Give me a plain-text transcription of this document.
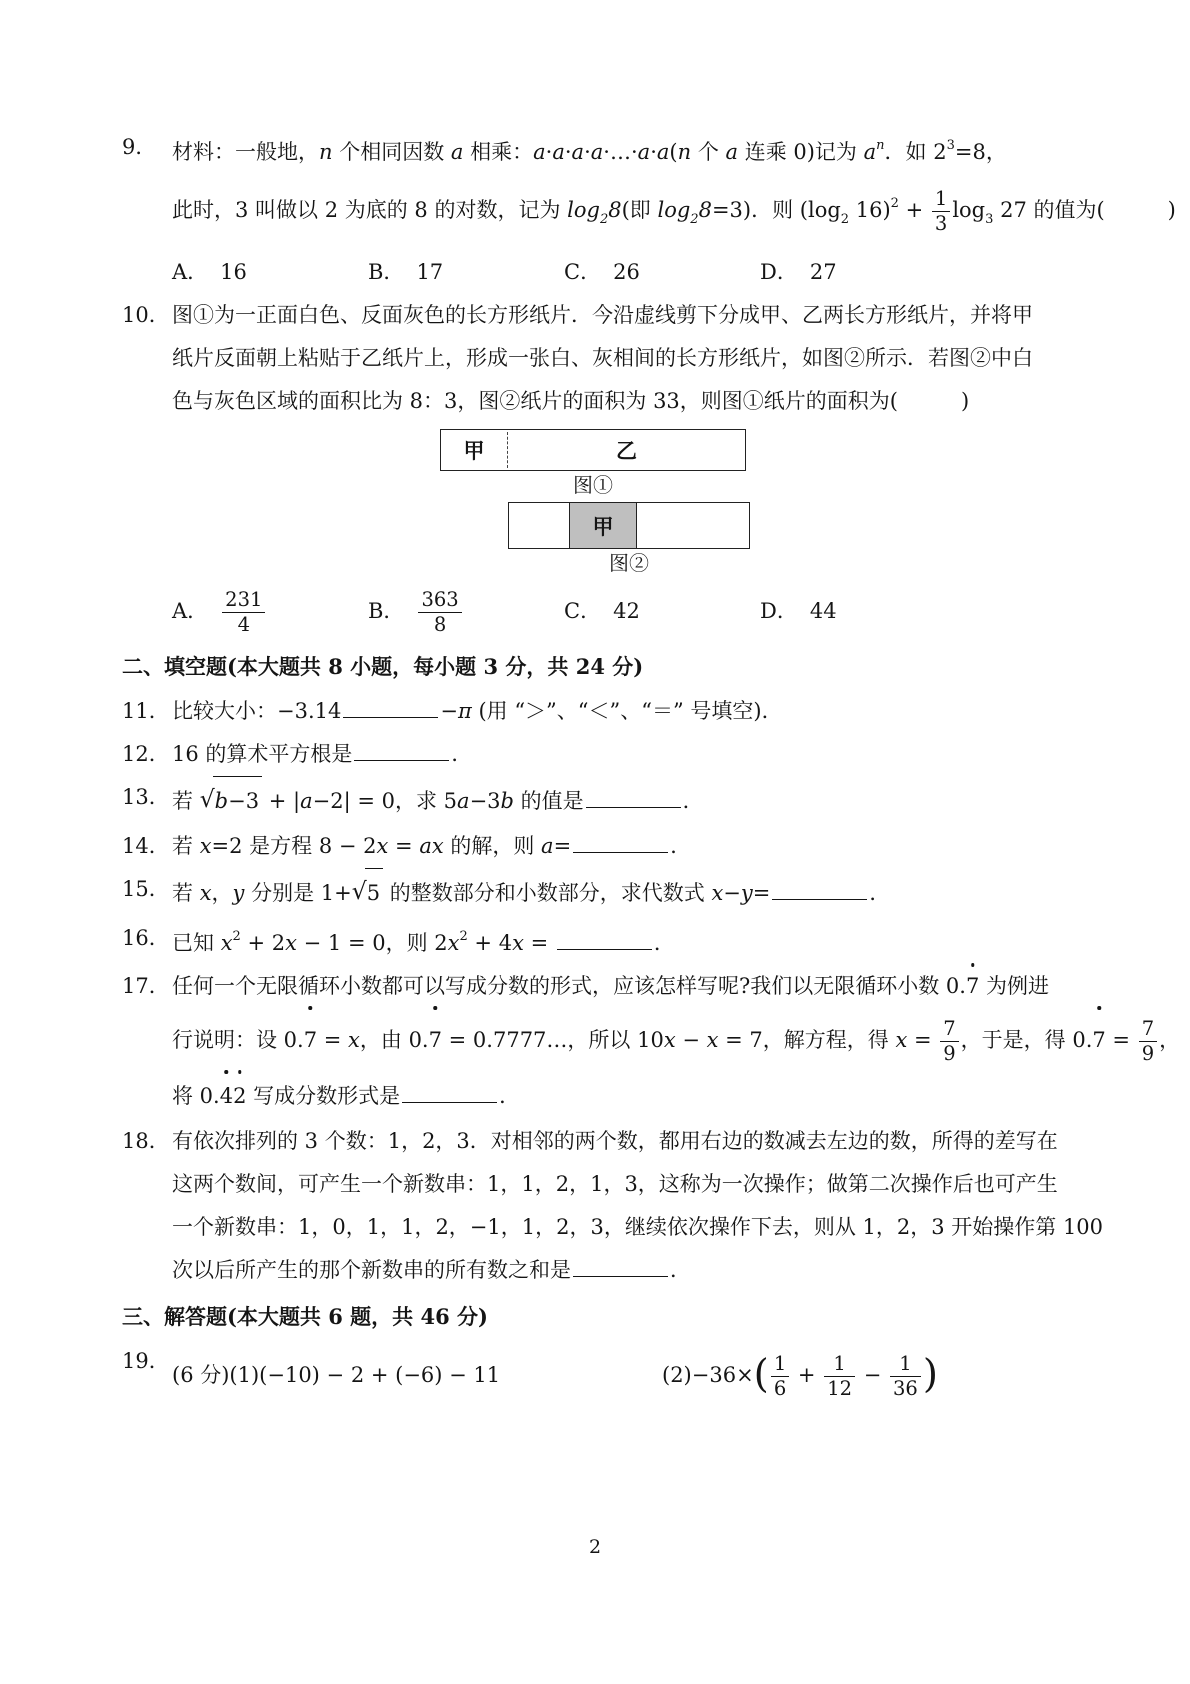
9． 材料：一般地，n 个相同因数 a 相乘：a·a·a·a·…·a·a(n 个 a 连乘 0)记为 $a^n$．如 $2^3=8$，
此时，3 叫做以 2 为底的 8 的对数，记为 $\log_28$(即 $\log_28=3$)．则 ($\log_2$ $16)^2 + \frac{1}{3} \log_3 27$ 的值为(　　　)
A． 16	B． 17	C． 26	D． 27
10． 图①为一正面白色、反面灰色的长方形纸片．今沿虚线剪下分成甲、乙两长方形纸片，并将甲
纸片反面朝上粘贴于乙纸片上，形成一张白、灰相间的长方形纸片，如图②所示．若图②中白
色与灰色区域的面积比为 8：3，图②纸片的面积为 33，则图①纸片的面积为(　　　)
甲	乙
图①
甲
图②
A． $\frac{231}{4}$	B． $\frac{363}{8}$	C． 42	D． 44
二、填空题(本大题共 8 小题，每小题 3 分，共 24 分)
11． 比较大小：−3.14	−π (用 “＞”、“＜”、“＝” 号填空)．
12． 16 的算术平方根是	．
13． 若 √b−3 + |a−2| = 0，求 5a−3b 的值是	．
14． 若 x=2 是方程 8 − 2x = ax 的解，则 a=	．
15． 若 x，y 分别是 1+√5 的整数部分和小数部分，求代数式 x−y=	．
16． 已知 $x^2 + 2x - 1 = 0$，则 $2x^2 + 4x$ =	．
17． 任何一个无限循环小数都可以写成分数的形式，应该怎样写呢?我们以无限循环小数 0.7 为例进
行说明：设 0.7 = x，由 0.7 = 0.7777…，所以 10x − x = 7，解方程，得 $x = \frac{7}{9}$ ，于是，得 $0.7 = \frac{7}{9}$ ，
将 0.42 写成分数形式是	．
18． 有依次排列的 3 个数：1，2，3．对相邻的两个数，都用右边的数减去左边的数，所得的差写在
这两个数间，可产生一个新数串：1，1，2，1，3，这称为一次操作；做第二次操作后也可产生
一个新数串：1，0，1，1，2，−1，1，2，3，继续依次操作下去，则从 1，2，3 开始操作第 100
次以后所产生的那个新数串的所有数之和是	．
三、解答题(本大题共 6 题，共 46 分)
19．
(6 分)(1)(−10) − 2 + (−6) − 11	$(2)-36\times( \frac{1}{6} + \frac{1}{12} - \frac{1}{36}$ )
2
